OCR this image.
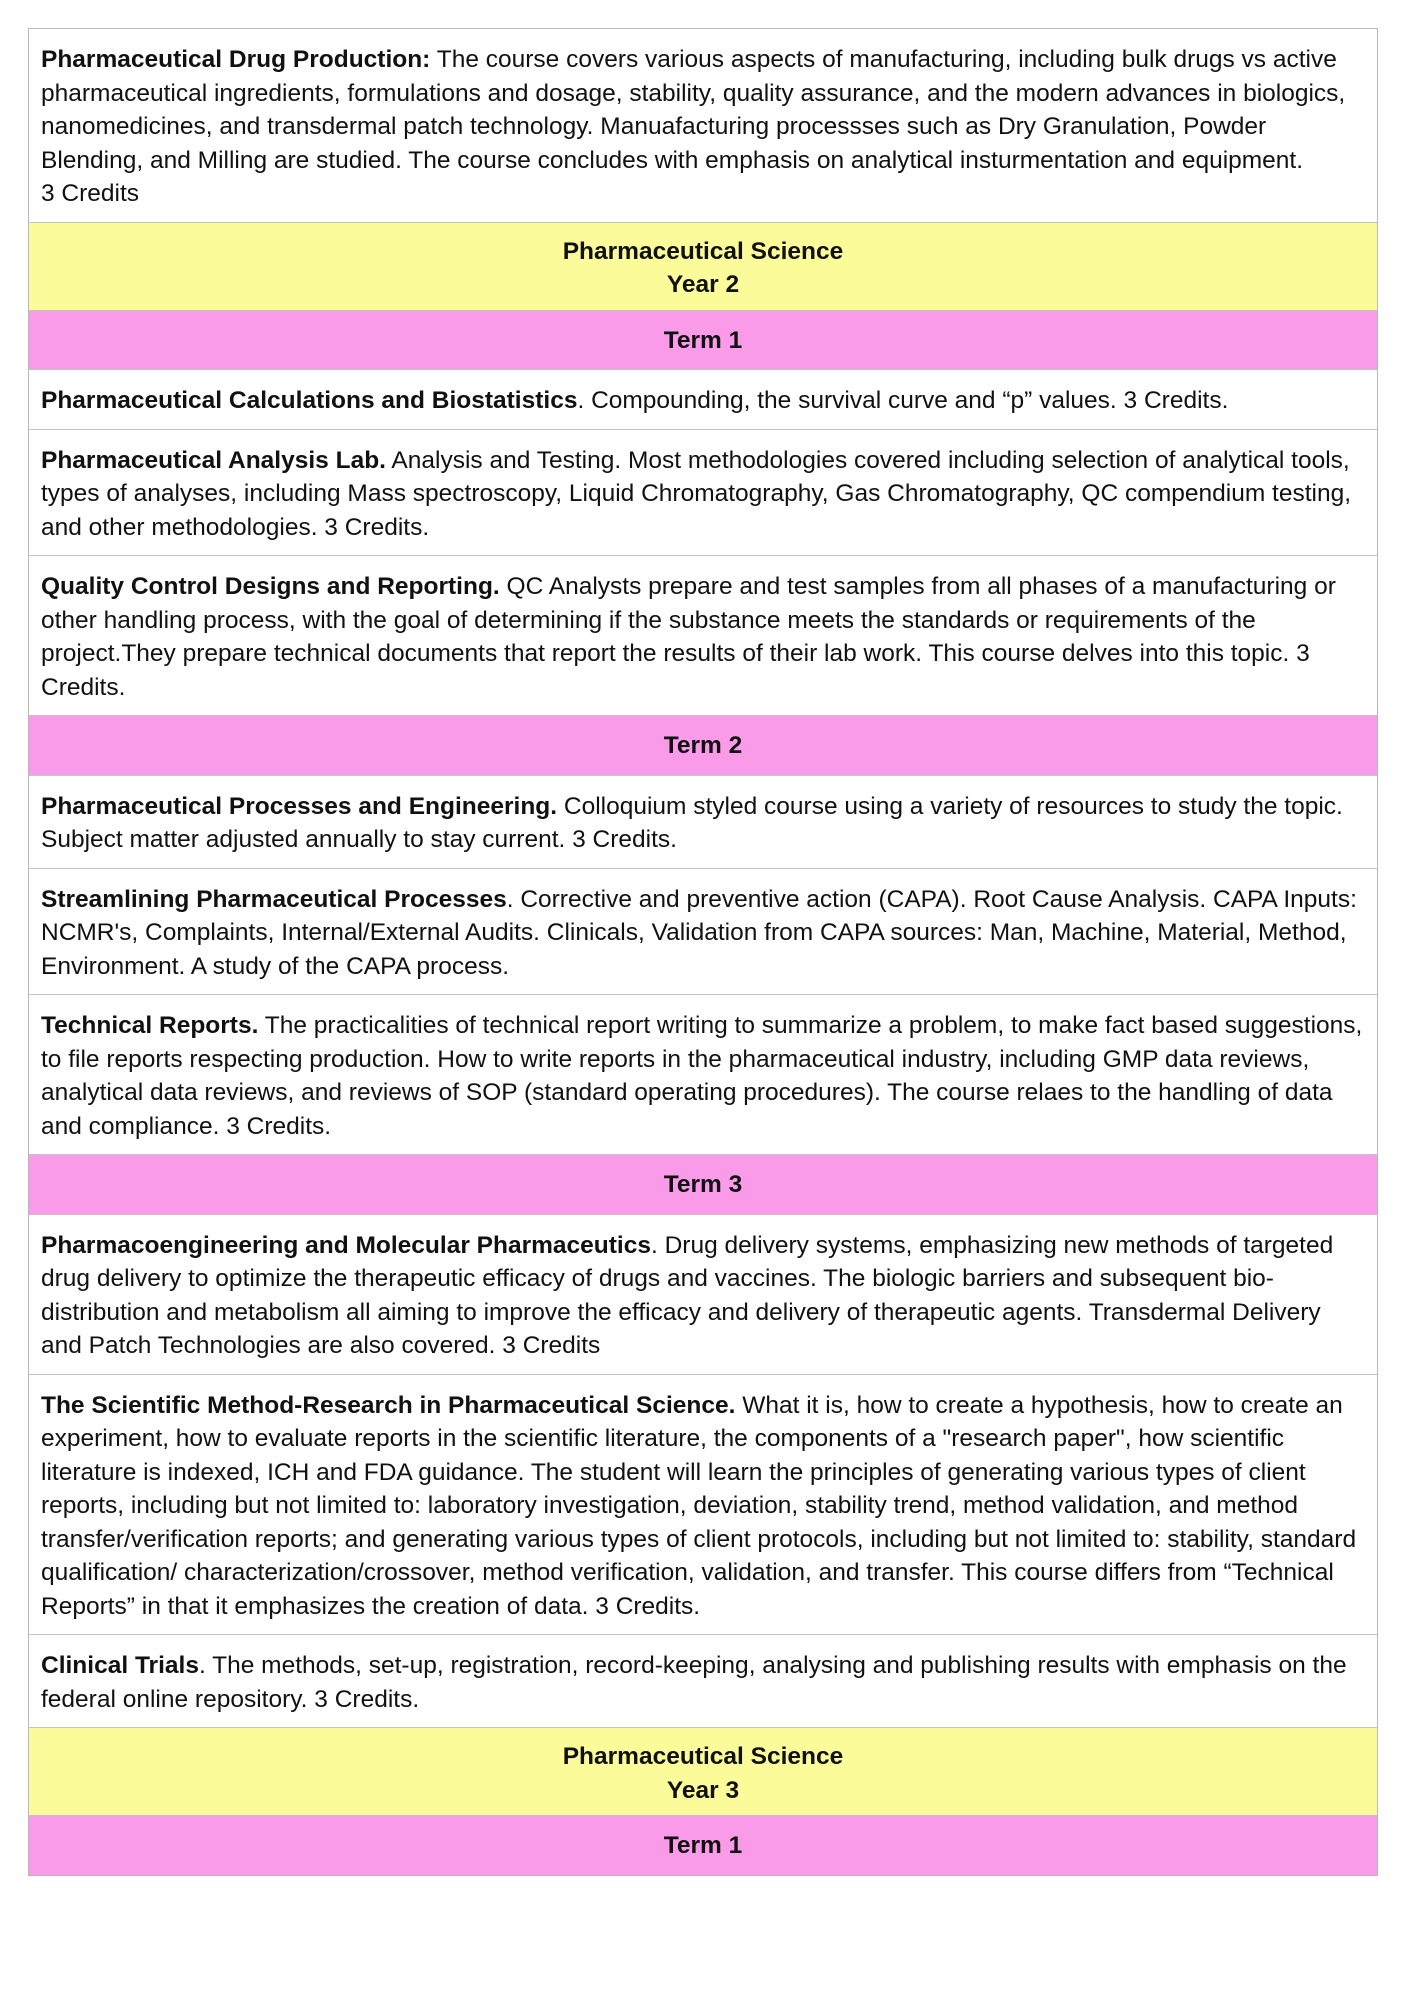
Pharmaceutical Drug Production: The course covers various aspects of manufacturing, including bulk drugs vs active pharmaceutical ingredients, formulations and dosage, stability, quality assurance, and the modern advances in biologics, nanomedicines, and transdermal patch technology. Manuafacturing processses such as Dry Granulation, Powder Blending, and Milling are studied. The course concludes with emphasis on analytical insturmentation and equipment.
3 Credits
Pharmaceutical Science
Year 2
Term 1
Pharmaceutical Calculations and Biostatistics. Compounding, the survival curve and “p” values. 3 Credits.
Pharmaceutical Analysis Lab. Analysis and Testing. Most methodologies covered including selection of analytical tools, types of analyses, including Mass spectroscopy, Liquid Chromatography, Gas Chromatography, QC compendium testing, and other methodologies. 3 Credits.
Quality Control Designs and Reporting. QC Analysts prepare and test samples from all phases of a manufacturing or other handling process, with the goal of determining if the substance meets the standards or requirements of the project.They prepare technical documents that report the results of their lab work. This course delves into this topic. 3 Credits.
Term 2
Pharmaceutical Processes and Engineering. Colloquium styled course using a variety of resources to study the topic. Subject matter adjusted annually to stay current. 3 Credits.
Streamlining Pharmaceutical Processes. Corrective and preventive action (CAPA). Root Cause Analysis. CAPA Inputs: NCMR's, Complaints, Internal/External Audits. Clinicals, Validation from CAPA sources: Man, Machine, Material, Method, Environment. A study of the CAPA process.
Technical Reports. The practicalities of technical report writing to summarize a problem, to make fact based suggestions, to file reports respecting production. How to write reports in the pharmaceutical industry, including GMP data reviews, analytical data reviews, and reviews of SOP (standard operating procedures). The course relaes to the handling of data and compliance. 3 Credits.
Term 3
Pharmacoengineering and Molecular Pharmaceutics. Drug delivery systems, emphasizing new methods of targeted drug delivery to optimize the therapeutic efficacy of drugs and vaccines. The biologic barriers and subsequent bio-distribution and metabolism all aiming to improve the efficacy and delivery of therapeutic agents. Transdermal Delivery and Patch Technologies are also covered. 3 Credits
The Scientific Method-Research in Pharmaceutical Science. What it is, how to create a hypothesis, how to create an experiment, how to evaluate reports in the scientific literature, the components of a "research paper", how scientific literature is indexed, ICH and FDA guidance. The student will learn the principles of generating various types of client reports, including but not limited to: laboratory investigation, deviation, stability trend, method validation, and method transfer/verification reports; and generating various types of client protocols, including but not limited to: stability, standard qualification/ characterization/crossover, method verification, validation, and transfer. This course differs from “Technical Reports” in that it emphasizes the creation of data. 3 Credits.
Clinical Trials. The methods, set-up, registration, record-keeping, analysing and publishing results with emphasis on the federal online repository. 3 Credits.
Pharmaceutical Science
Year 3
Term 1
